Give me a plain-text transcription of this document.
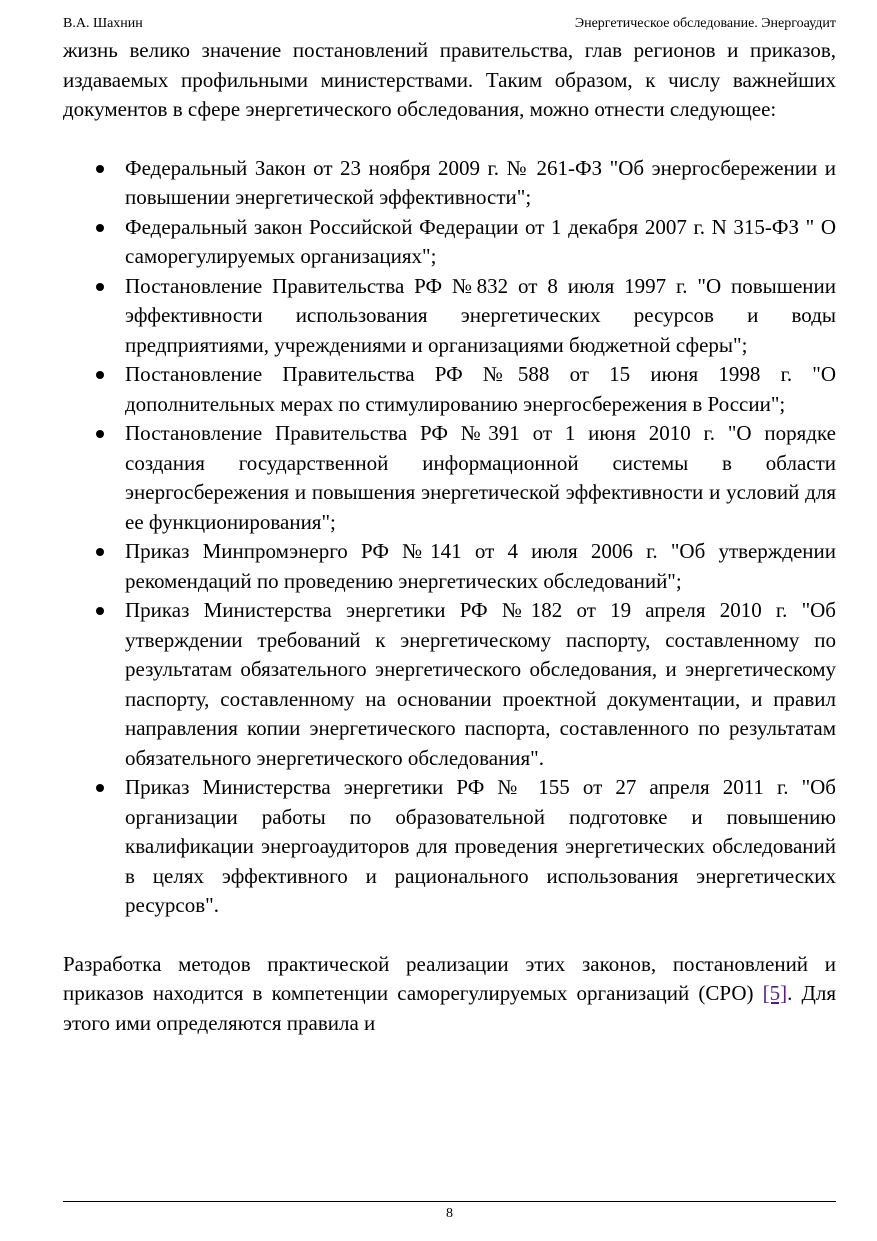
В.А. Шахнин	Энергетическое обследование. Энергоаудит

жизнь велико значение постановлений правительства, глав регионов и приказов, издаваемых профильными министерствами. Таким образом, к числу важнейших документов в сфере энергетического обследования, можно отнести следующее:

Федеральный Закон от 23 ноября 2009 г. № 261-ФЗ "Об энергосбережении и повышении энергетической эффективности";
Федеральный закон Российской Федерации от 1 декабря 2007 г. N 315-ФЗ " О саморегулируемых организациях";
Постановление Правительства РФ №832 от 8 июля 1997 г. "О повышении эффективности использования энергетических ресурсов и воды предприятиями, учреждениями и организациями бюджетной сферы";
Постановление Правительства РФ №588 от 15 июня 1998 г. "О дополнительных мерах по стимулированию энергосбережения в России";
Постановление Правительства РФ №391 от 1 июня 2010 г. "О порядке создания государственной информационной системы в области энергосбережения и повышения энергетической эффективности и условий для ее функционирования";
Приказ Минпромэнерго РФ №141 от 4 июля 2006 г. "Об утверждении рекомендаций по проведению энергетических обследований";
Приказ Министерства энергетики РФ №182 от 19 апреля 2010 г. "Об утверждении требований к энергетическому паспорту, составленному по результатам обязательного энергетического обследования, и энергетическому паспорту, составленному на основании проектной документации, и правил направления копии энергетического паспорта, составленного по результатам обязательного энергетического обследования".
Приказ Министерства энергетики РФ № 155 от 27 апреля 2011 г. "Об организации работы по образовательной подготовке и повышению квалификации энергоаудиторов для проведения энергетических обследований в целях эффективного и рационального использования энергетических ресурсов".

Разработка методов практической реализации этих законов, постановлений и приказов находится в компетенции саморегулируемых организаций (СРО) [5]. Для этого ими определяются правила и

8
